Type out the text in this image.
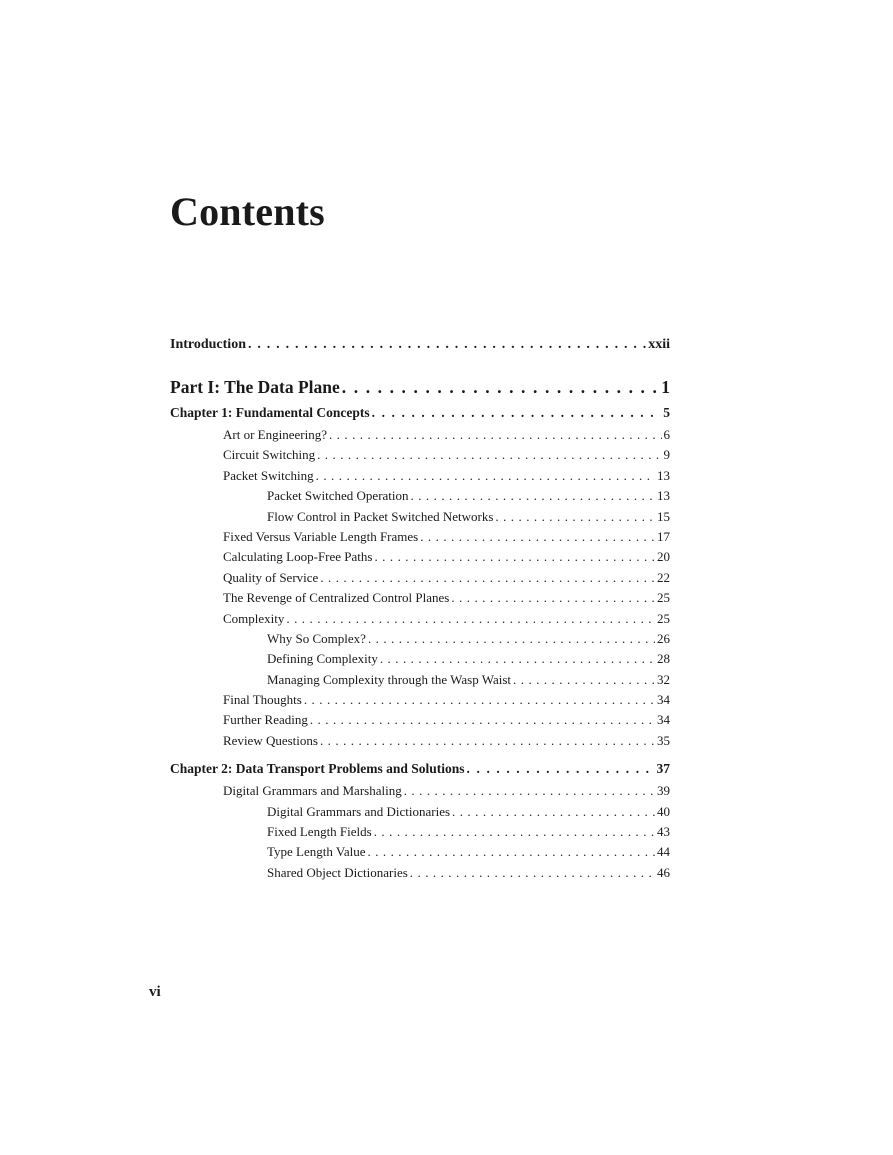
Contents
Introduction . . .	xxii
Part I: The Data Plane . . .	1
Chapter 1: Fundamental Concepts . . .	5
Art or Engineering? . . .	6
Circuit Switching . . .	9
Packet Switching . . .	13
Packet Switched Operation . . .	13
Flow Control in Packet Switched Networks . . .	15
Fixed Versus Variable Length Frames . . .	17
Calculating Loop-Free Paths . . .	20
Quality of Service . . .	22
The Revenge of Centralized Control Planes . . .	25
Complexity . . .	25
Why So Complex? . . .	26
Defining Complexity . . .	28
Managing Complexity through the Wasp Waist . . .	32
Final Thoughts . . .	34
Further Reading . . .	34
Review Questions . . .	35
Chapter 2: Data Transport Problems and Solutions . . .	37
Digital Grammars and Marshaling . . .	39
Digital Grammars and Dictionaries . . .	40
Fixed Length Fields . . .	43
Type Length Value . . .	44
Shared Object Dictionaries . . .	46
vi
